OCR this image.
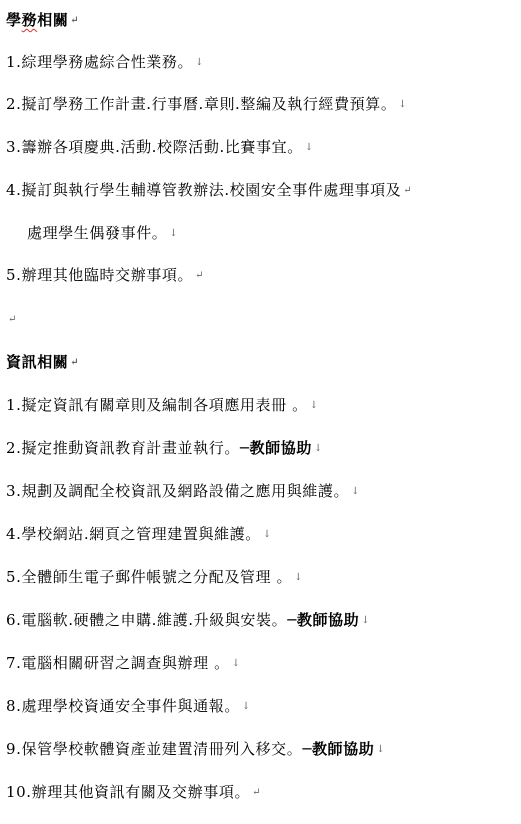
學務相關 ↵
1.綜理學務處綜合性業務。 ↓
2.擬訂學務工作計畫.行事曆.章則.整編及執行經費預算。 ↓
3.籌辦各項慶典.活動.校際活動.比賽事宜。 ↓
4.擬訂與執行學生輔導管教辦法.校園安全事件處理事項及 ↵
處理學生偶發事件。 ↓
5.辦理其他臨時交辦事項。 ↵
↵
資訊相關 ↵
1.擬定資訊有關章則及編制各項應用表冊 。 ↓
2.擬定推動資訊教育計畫並執行。─教師協助 ↓
3.規劃及調配全校資訊及網路設備之應用與維護。 ↓
4.學校網站.網頁之管理建置與維護。 ↓
5.全體師生電子郵件帳號之分配及管理 。 ↓
6.電腦軟.硬體之申購.維護.升級與安裝。─教師協助 ↓
7.電腦相關研習之調查與辦理 。 ↓
8.處理學校資通安全事件與通報。 ↓
9.保管學校軟體資產並建置清冊列入移交。─教師協助 ↓
10.辦理其他資訊有關及交辦事項。 ↵
